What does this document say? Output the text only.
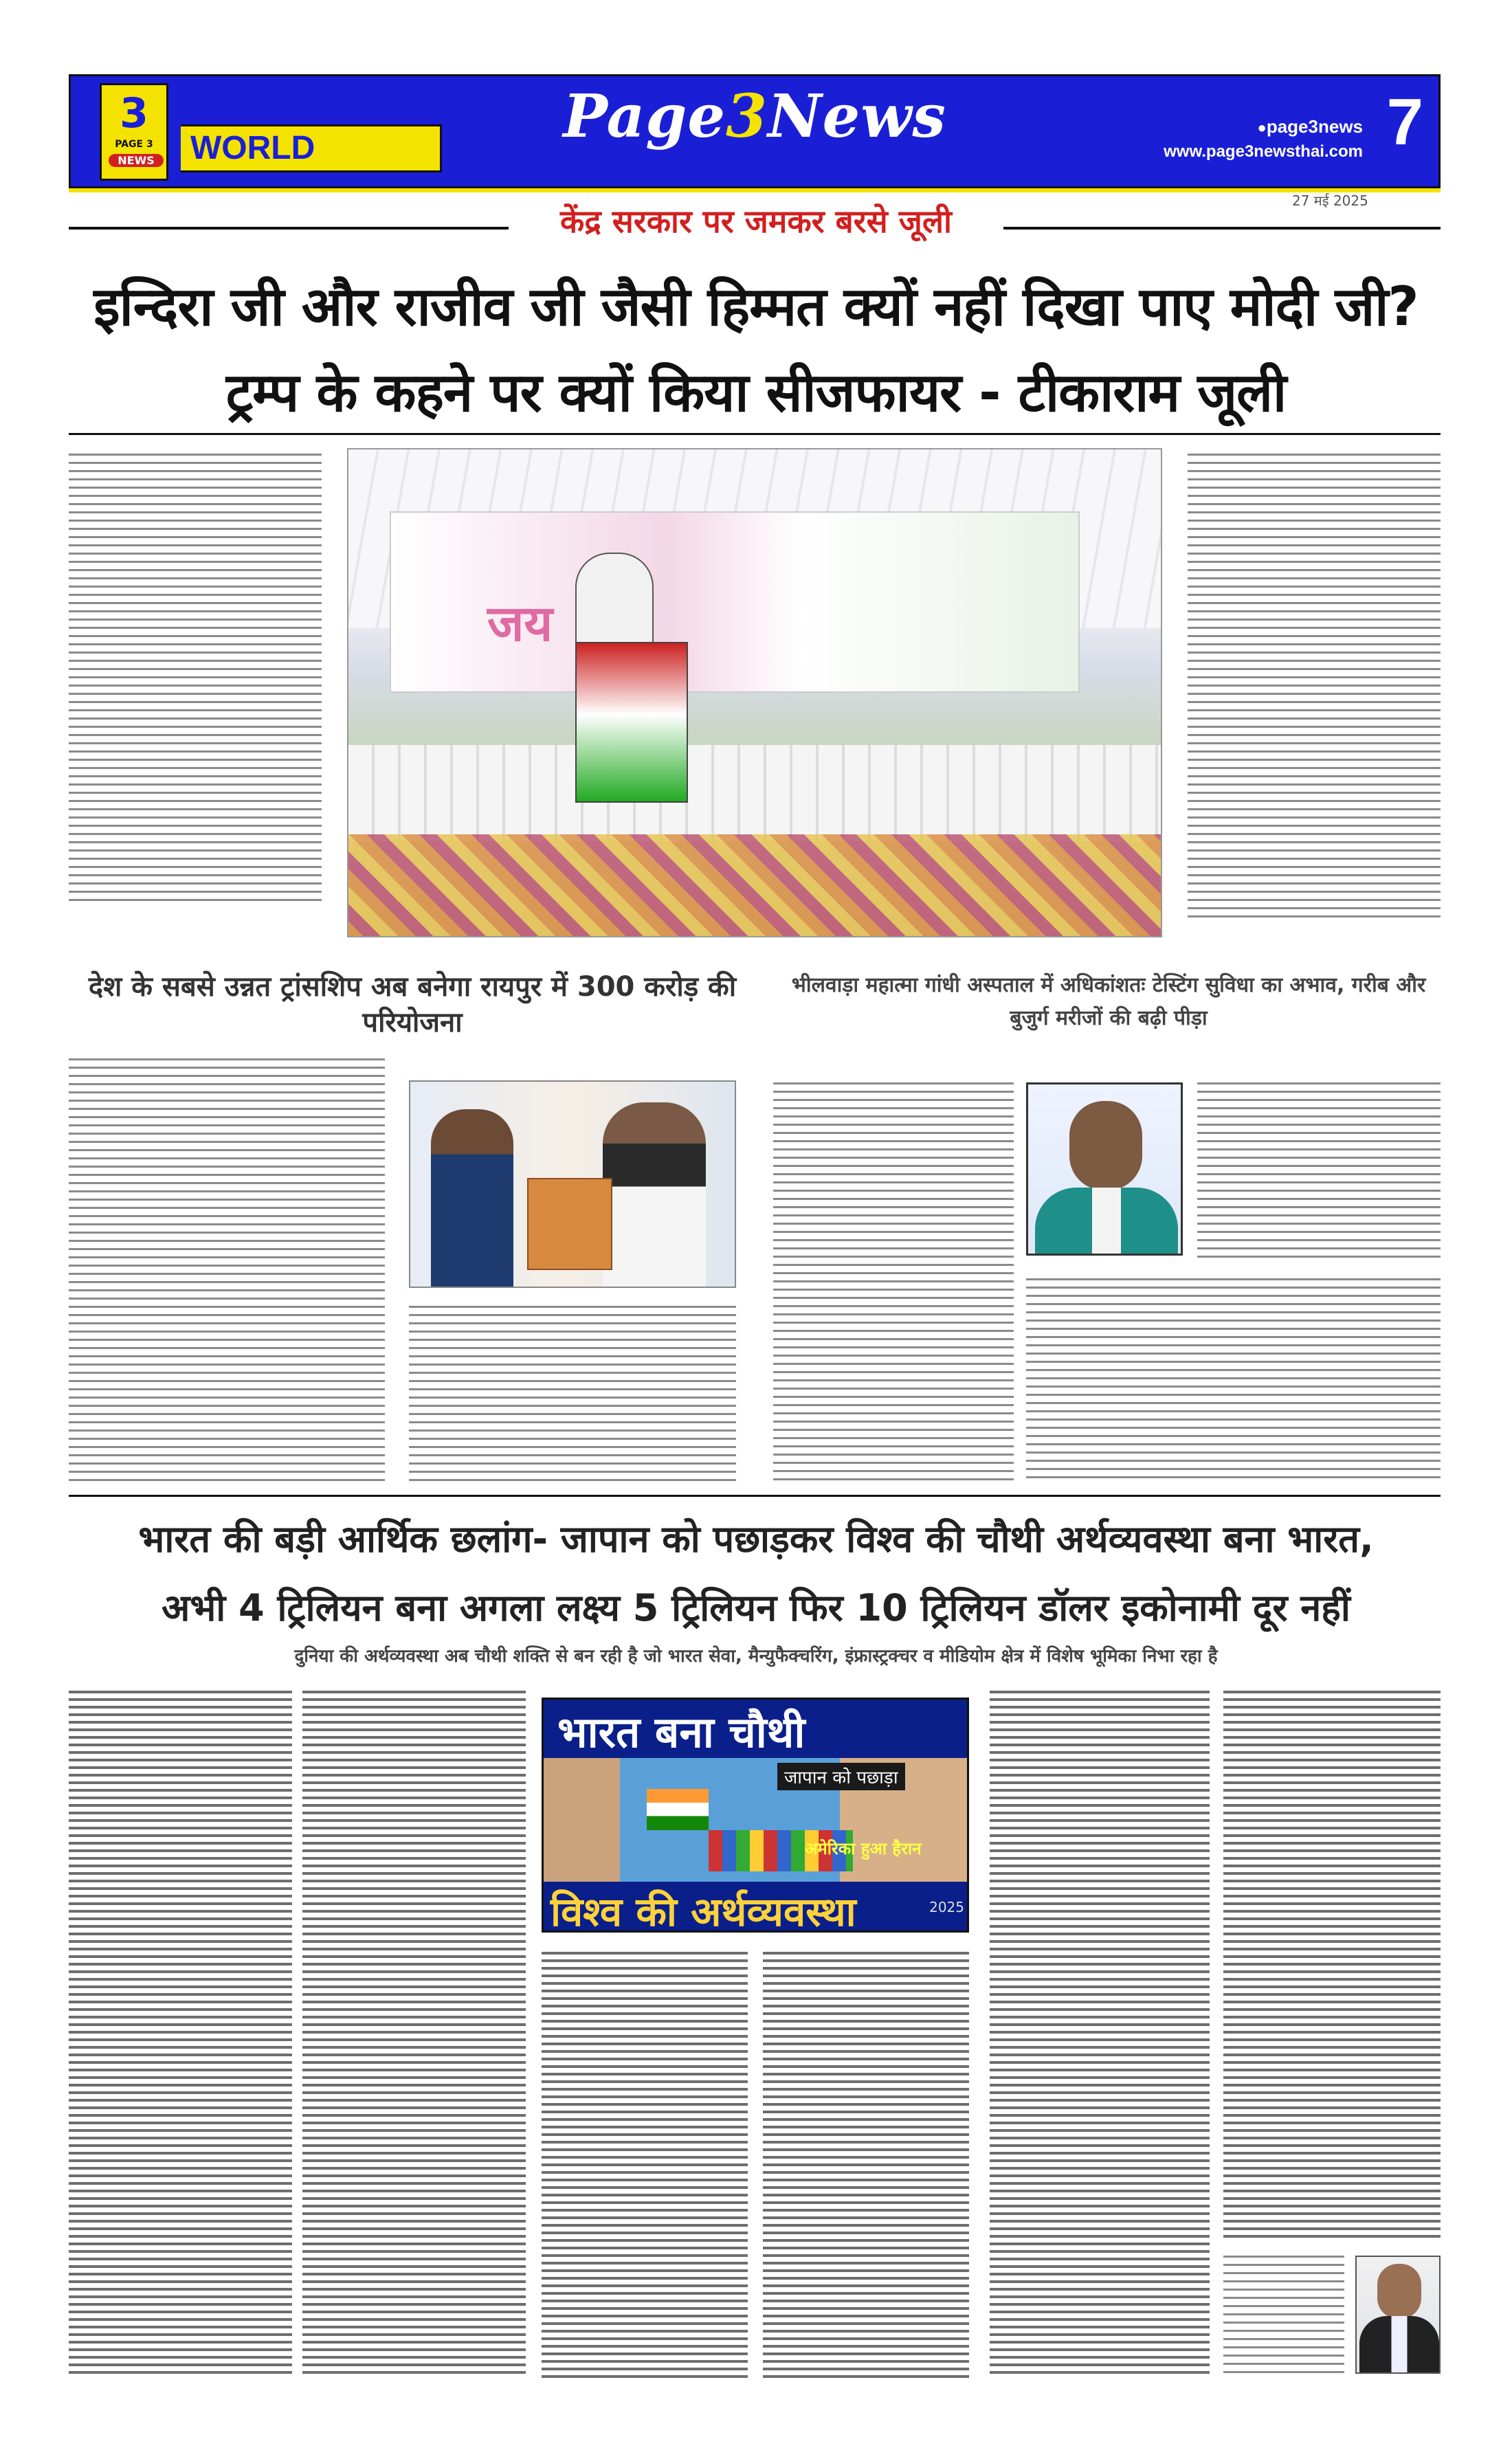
3
PAGE 3
NEWS WORLD	Page3News
●	page3news
www.page3newsthai.com 7
27 मई 2025
केंद्र सरकार पर जमकर बरसे जूली
इन्दिरा जी और राजीव जी जैसी हिम्मत क्यों नहीं दिखा पाए मोदी जी?
ट्रम्प के कहने पर क्यों किया सीजफायर - टीकाराम जूली
जय
देश के सबसे उन्नत ट्रांसशिप अब बनेगा रायपुर में 300 करोड़ की परियोजना
भीलवाड़ा महात्मा गांधी अस्पताल में अधिकांशतः टेस्टिंग सुविधा का अभाव, गरीब और बुजुर्ग मरीजों की बढ़ी पीड़ा
भारत की बड़ी आर्थिक छलांग- जापान को पछाड़कर विश्व की चौथी अर्थव्यवस्था बना भारत,
अभी 4 ट्रिलियन बना अगला लक्ष्य 5 ट्रिलियन फिर 10 ट्रिलियन डॉलर इकोनामी दूर नहीं
दुनिया की अर्थव्यवस्था अब चौथी शक्ति से बन रही है जो भारत सेवा, मैन्युफैक्चरिंग, इंफ्रास्ट्रक्चर व मीडियोम क्षेत्र में विशेष भूमिका निभा रहा है
भारत बना चौथी
जापान को पछाड़ा
अमेरिका हुआ हैरान
विश्व की अर्थव्यवस्था	2025
